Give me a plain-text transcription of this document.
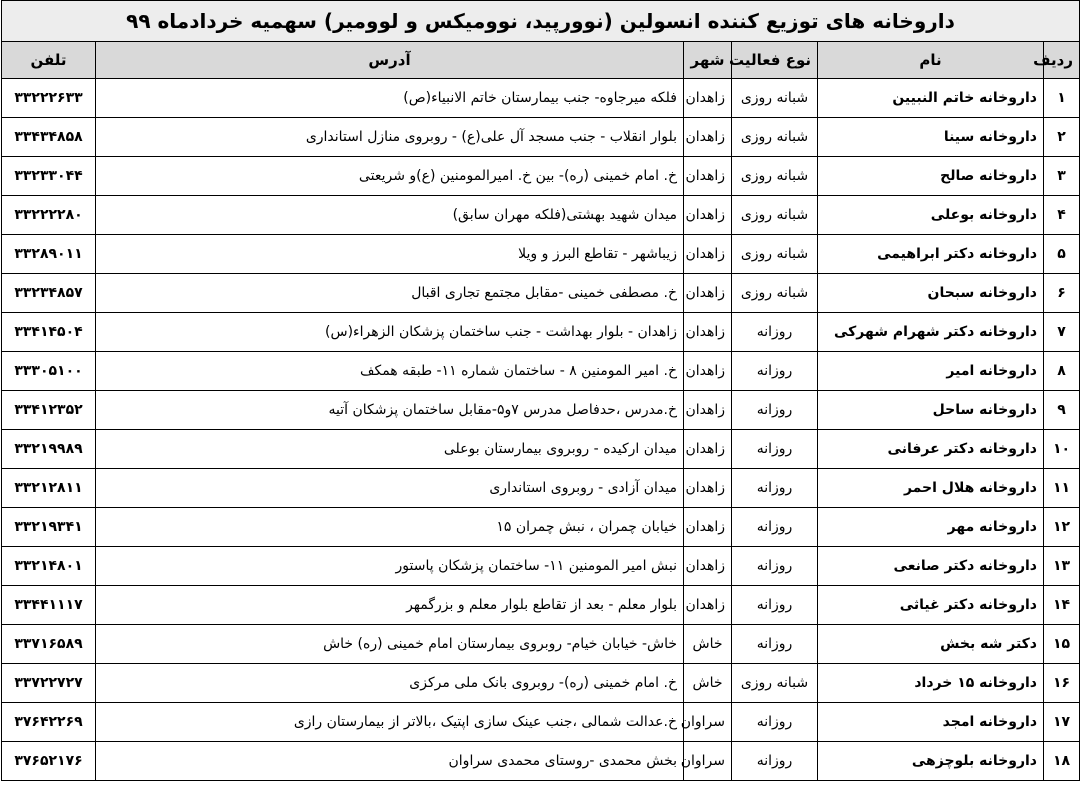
داروخانه های توزیع کننده انسولین (نوورپید، نوومیکس و لوومیر) سهمیه خردادماه ۹۹					
ردیف	نام	نوع فعالیت	شهر	آدرس	تلفن
۱	داروخانه خاتم النبیین	شبانه روزی	زاهدان	فلکه میرجاوه- جنب بیمارستان خاتم الانبیاء(ص)	۳۳۲۲۲۶۳۳
۲	داروخانه سینا	شبانه روزی	زاهدان	بلوار انقلاب - جنب مسجد آل علی(ع) - روبروی منازل استانداری	۳۳۴۳۴۸۵۸
۳	داروخانه صالح	شبانه روزی	زاهدان	خ. امام خمینی (ره)- بین خ. امیرالمومنین (ع)و شریعتی	۳۳۲۳۳۰۴۴
۴	داروخانه بوعلی	شبانه روزی	زاهدان	میدان شهید بهشتی(فلکه مهران سابق)	۳۳۲۲۲۲۸۰
۵	داروخانه دکتر ابراهیمی	شبانه روزی	زاهدان	زیباشهر - تقاطع البرز و ویلا	۳۳۲۸۹۰۱۱
۶	داروخانه سبحان	شبانه روزی	زاهدان	خ. مصطفی خمینی -مقابل مجتمع تجاری اقبال	۳۳۲۳۴۸۵۷
۷	داروخانه دکتر شهرام شهرکی	روزانه	زاهدان	زاهدان - بلوار بهداشت - جنب ساختمان پزشکان الزهراء(س)	۳۳۴۱۴۵۰۴
۸	داروخانه امیر	روزانه	زاهدان	خ. امیر المومنین ۸ - ساختمان شماره ۱۱- طبقه همکف	۳۳۳۰۵۱۰۰
۹	داروخانه ساحل	روزانه	زاهدان	خ.مدرس ،حدفاصل مدرس ۷و۵-مقابل ساختمان پزشکان آتیه	۳۳۴۱۲۳۵۲
۱۰	داروخانه دکتر عرفانی	روزانه	زاهدان	میدان ارکیده - روبروی بیمارستان بوعلی	۳۳۲۱۹۹۸۹
۱۱	داروخانه هلال احمر	روزانه	زاهدان	میدان آزادی - روبروی استانداری	۳۳۲۱۲۸۱۱
۱۲	داروخانه مهر	روزانه	زاهدان	خیابان چمران ، نبش چمران ۱۵	۳۳۲۱۹۳۴۱
۱۳	داروخانه دکتر صانعی	روزانه	زاهدان	نبش امیر المومنین ۱۱- ساختمان پزشکان پاستور	۳۳۲۱۴۸۰۱
۱۴	داروخانه دکتر غیاثی	روزانه	زاهدان	بلوار معلم - بعد از تقاطع بلوار معلم و بزرگمهر	۳۳۴۴۱۱۱۷
۱۵	دکتر شه بخش	روزانه	خاش	خاش- خیابان خیام- روبروی بیمارستان امام خمینی (ره) خاش	۳۳۷۱۶۵۸۹
۱۶	داروخانه ۱۵ خرداد	شبانه روزی	خاش	خ. امام خمینی (ره)- روبروی بانک ملی مرکزی	۳۳۷۲۲۷۲۷
۱۷	داروخانه امجد	روزانه	سراوان	خ.عدالت شمالی ،جنب عینک سازی اپتیک ،بالاتر از بیمارستان رازی	۳۷۶۴۲۲۶۹
۱۸	داروخانه بلوچزهی	روزانه	سراوان	بخش محمدی -روستای محمدی سراوان	۳۷۶۵۲۱۷۶
